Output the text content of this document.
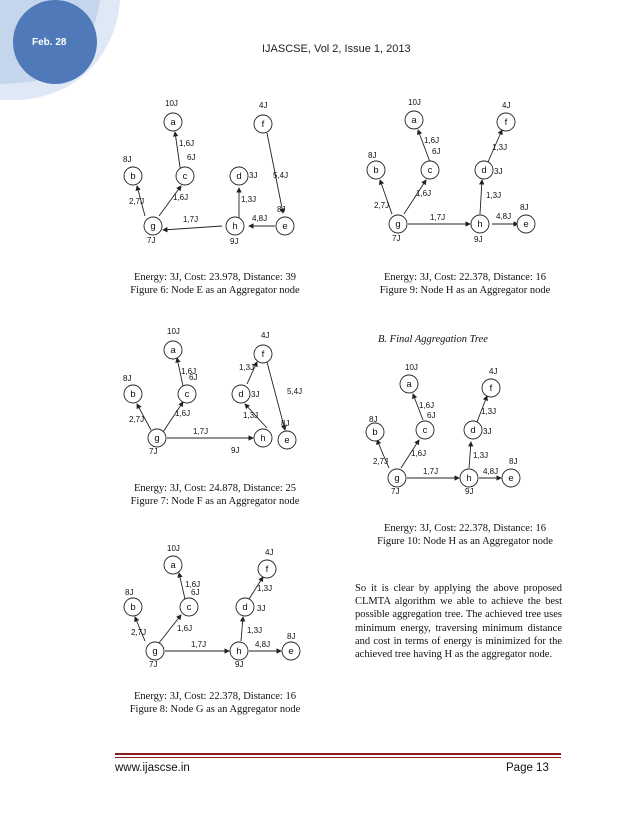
Feb. 28
IJASCSE, Vol 2, Issue 1, 2013
a
b	c	d
f
g	h	e
10J
1,6J
8J	6J
2,7J	1,6J
1,7J
7J
4J
3J 5,4J
1,3J
8J
4,8J
9J
Energy: 3J, Cost: 23.978, Distance: 39
Figure 6: Node E as an Aggregator node
a
b	c	d
f
g	h	e
10J
1,6J
8J	6J
2,7J
1,6J
1,7J
7J
4J
1,3J
3J
1,3J
8J
4,8J
9J
Energy: 3J, Cost: 22.378, Distance: 16
Figure 9: Node H as an Aggregator node
a
b	c	d
f
g	h e
10J
1,6J
8J	6J
2,7J
1,6J
1,7J
7J
4J
1,3J
3J	5,4J
1,3J
8J
9J
Energy: 3J, Cost: 24.878, Distance: 25
Figure 7: Node F as an Aggregator node
B. Final Aggregation Tree
a
b	c	d
f
g	h	e
10J
1,6J
8J	6J
2,7J
1,6J
1,7J
7J
4J
1,3J
3J
1,3J
8J
4,8J
9J
Energy: 3J, Cost: 22.378, Distance: 16
Figure 10: Node H as an Aggregator node
So it is clear by applying the above proposed CLMTA algorithm we able to achieve the best possible aggregation tree. The achieved tree uses minimum energy, traversing minimum distance and cost in terms of energy is minimized for the achieved tree having H as the aggregator node.
a
b	c	d
f
g	h	e
10J
1,6J
8J	6J
2,7J	1,6J
1,7J
7J
4J
1,3J
3J
1,3J
8J
4,8J
9J
Energy: 3J, Cost: 22.378, Distance: 16
Figure 8: Node G as an Aggregator node
www.ijascse.in	Page 13
